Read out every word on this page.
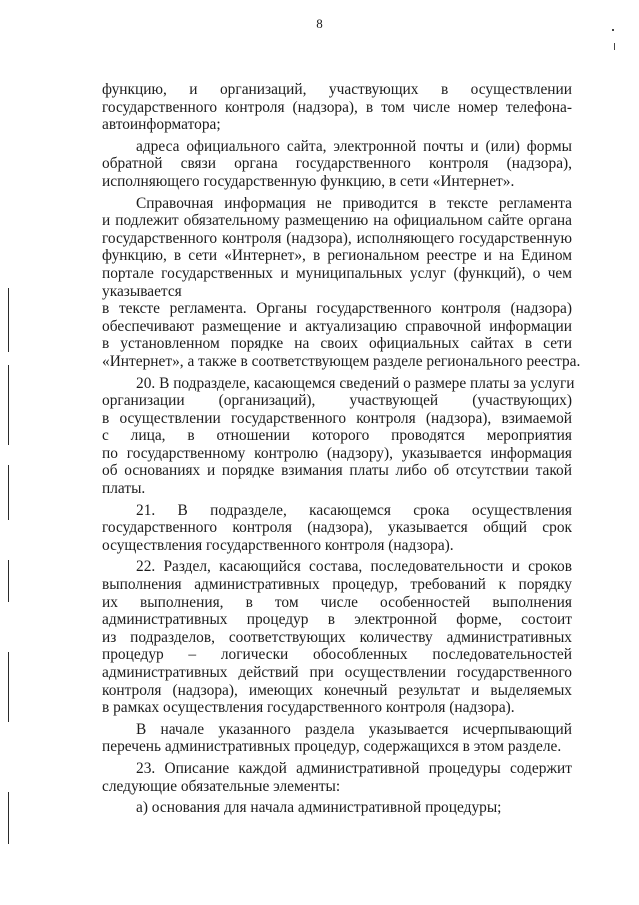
8
функцию, и организаций, участвующих в осуществлении
государственного контроля (надзора), в том числе номер телефона-
автоинформатора;
адреса официального сайта, электронной почты и (или) формы
обратной связи органа государственного контроля (надзора),
исполняющего государственную функцию, в сети «Интернет».
Справочная информация не приводится в тексте регламента
и подлежит обязательному размещению на официальном сайте органа
государственного контроля (надзора), исполняющего государственную
функцию, в сети «Интернет», в региональном реестре и на Едином
портале государственных и муниципальных услуг (функций), о чем
указывается
в тексте регламента. Органы государственного контроля (надзора)
обеспечивают размещение и актуализацию справочной информации
в установленном порядке на своих официальных сайтах в сети
«Интернет», а также в соответствующем разделе регионального реестра.
20. В подразделе, касающемся сведений о размере платы за услуги
организации (организаций), участвующей (участвующих)
в осуществлении государственного контроля (надзора), взимаемой
с лица, в отношении которого проводятся мероприятия
по государственному контролю (надзору), указывается информация
об основаниях и порядке взимания платы либо об отсутствии такой
платы.
21. В подразделе, касающемся срока осуществления
государственного контроля (надзора), указывается общий срок
осуществления государственного контроля (надзора).
22. Раздел, касающийся состава, последовательности и сроков
выполнения административных процедур, требований к порядку
их выполнения, в том числе особенностей выполнения
административных процедур в электронной форме, состоит
из подразделов, соответствующих количеству административных
процедур – логически обособленных последовательностей
административных действий при осуществлении государственного
контроля (надзора), имеющих конечный результат и выделяемых
в рамках осуществления государственного контроля (надзора).
В начале указанного раздела указывается исчерпывающий
перечень административных процедур, содержащихся в этом разделе.
23. Описание каждой административной процедуры содержит
следующие обязательные элементы:
а) основания для начала административной процедуры;
